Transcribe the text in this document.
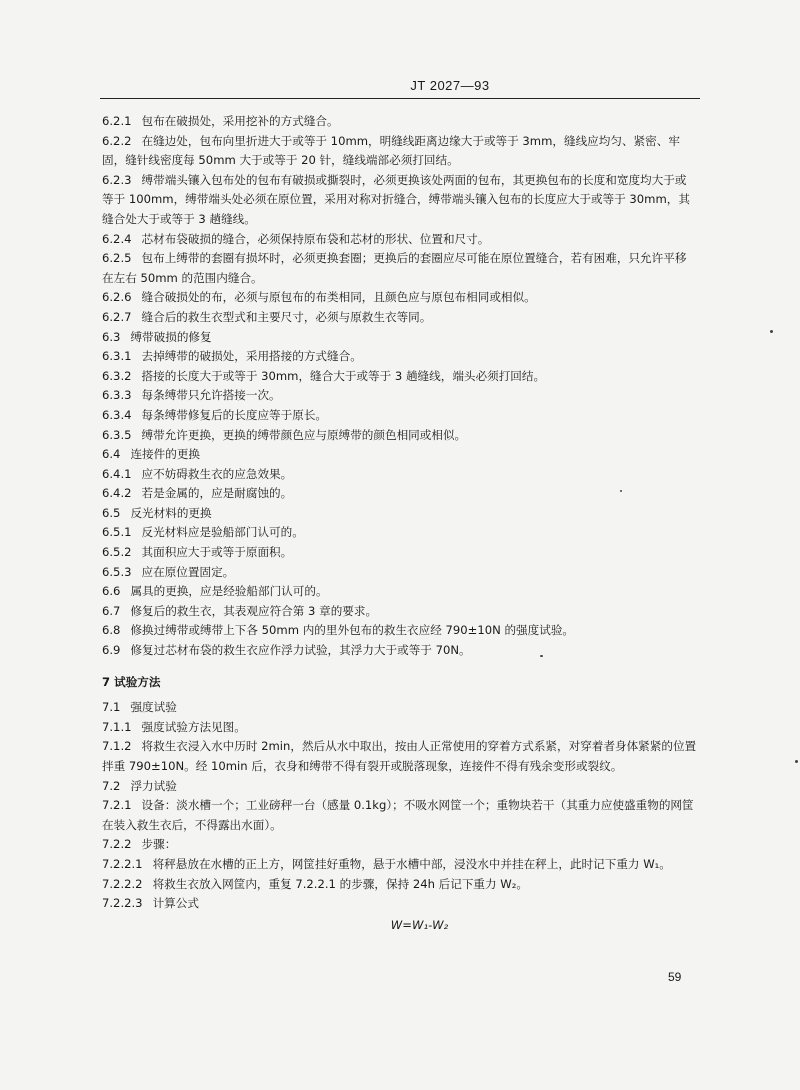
JT 2027—93
6.2.1 包布在破损处，采用挖补的方式缝合。
6.2.2 在缝边处，包布向里折进大于或等于 10mm，明缝线距离边缘大于或等于 3mm，缝线应均匀、紧密、牢固，缝针线密度每 50mm 大于或等于 20 针，缝线端部必须打回结。
6.2.3 缚带端头镶入包布处的包布有破损或撕裂时，必须更换该处两面的包布，其更换包布的长度和宽度均大于或等于 100mm，缚带端头处必须在原位置，采用对称对折缝合，缚带端头镶入包布的长度应大于或等于 30mm，其缝合处大于或等于 3 趟缝线。
6.2.4 芯材布袋破损的缝合，必须保持原布袋和芯材的形状、位置和尺寸。
6.2.5 包布上缚带的套圈有损坏时，必须更换套圈；更换后的套圈应尽可能在原位置缝合，若有困难，只允许平移在左右 50mm 的范围内缝合。
6.2.6 缝合破损处的布，必须与原包布的布类相同，且颜色应与原包布相同或相似。
6.2.7 缝合后的救生衣型式和主要尺寸，必须与原救生衣等同。
6.3 缚带破损的修复
6.3.1 去掉缚带的破损处，采用搭接的方式缝合。
6.3.2 搭接的长度大于或等于 30mm，缝合大于或等于 3 趟缝线，端头必须打回结。
6.3.3 每条缚带只允许搭接一次。
6.3.4 每条缚带修复后的长度应等于原长。
6.3.5 缚带允许更换，更换的缚带颜色应与原缚带的颜色相同或相似。
6.4 连接件的更换
6.4.1 应不妨碍救生衣的应急效果。
6.4.2 若是金属的，应是耐腐蚀的。
6.5 反光材料的更换
6.5.1 反光材料应是验船部门认可的。
6.5.2 其面积应大于或等于原面积。
6.5.3 应在原位置固定。
6.6 属具的更换，应是经验船部门认可的。
6.7 修复后的救生衣，其表观应符合第 3 章的要求。
6.8 修换过缚带或缚带上下各 50mm 内的里外包布的救生衣应经 790±10N 的强度试验。
6.9 修复过芯材布袋的救生衣应作浮力试验，其浮力大于或等于 70N。
7 试验方法
7.1 强度试验
7.1.1 强度试验方法见图。
7.1.2 将救生衣浸入水中历时 2min，然后从水中取出，按由人正常使用的穿着方式系紧，对穿着者身体紧紧的位置拌重 790±10N。经 10min 后，衣身和缚带不得有裂开或脱落现象，连接件不得有残余变形或裂纹。
7.2 浮力试验
7.2.1 设备：淡水槽一个；工业磅秤一台（感量 0.1kg）；不吸水网筐一个；重物块若干（其重力应使盛重物的网筐在装入救生衣后，不得露出水面）。
7.2.2 步骤：
7.2.2.1 将秤悬放在水槽的正上方，网筐挂好重物，悬于水槽中部，浸没水中并挂在秤上，此时记下重力 W₁。
7.2.2.2 将救生衣放入网筐内，重复 7.2.2.1 的步骤，保持 24h 后记下重力 W₂。
7.2.2.3 计算公式
W=W₁-W₂
59
